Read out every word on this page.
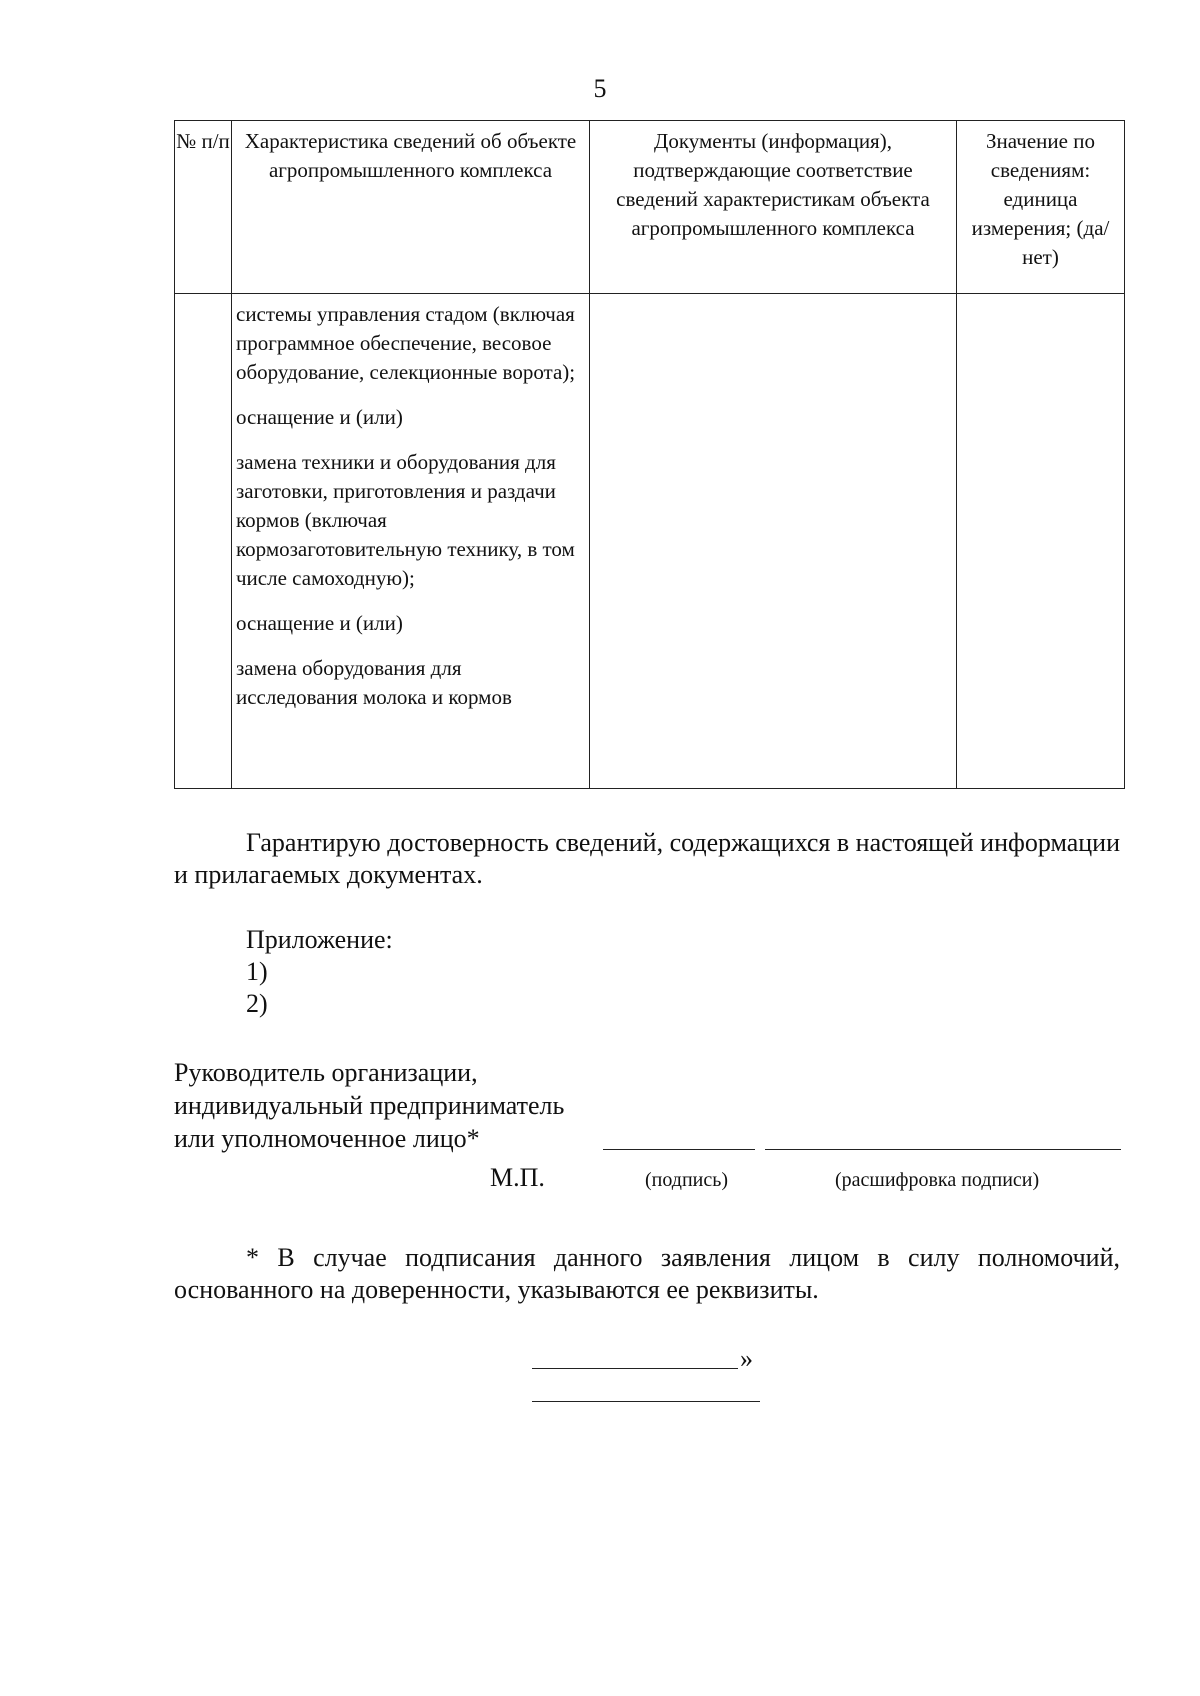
5
№ п/п	Характеристика сведений об объекте агропромышленного комплекса	Документы (информация), подтверждающие соответствие сведений характеристикам объекта агропромышленного комплекса	Значение по сведениям: единица измерения; (да/нет)

	системы управления стадом (включая программное обеспечение, весовое оборудование, селекционные ворота);

оснащение и (или)

замена техники и оборудования для заготовки, приготовления и раздачи кормов (включая кормозаготовительную технику, в том числе самоходную);

оснащение и (или)

замена оборудования для исследования молока и кормов		

Гарантирую достоверность сведений, содержащихся в настоящей информации и прилагаемых документах.
Приложение:
1)
2)
Руководитель организации,
индивидуальный предприниматель
или уполномоченное лицо*
М.П.	(подпись)	(расшифровка подписи)
* В случае подписания данного заявления лицом в силу полномочий, основанного на доверенности, указываются ее реквизиты.
»
